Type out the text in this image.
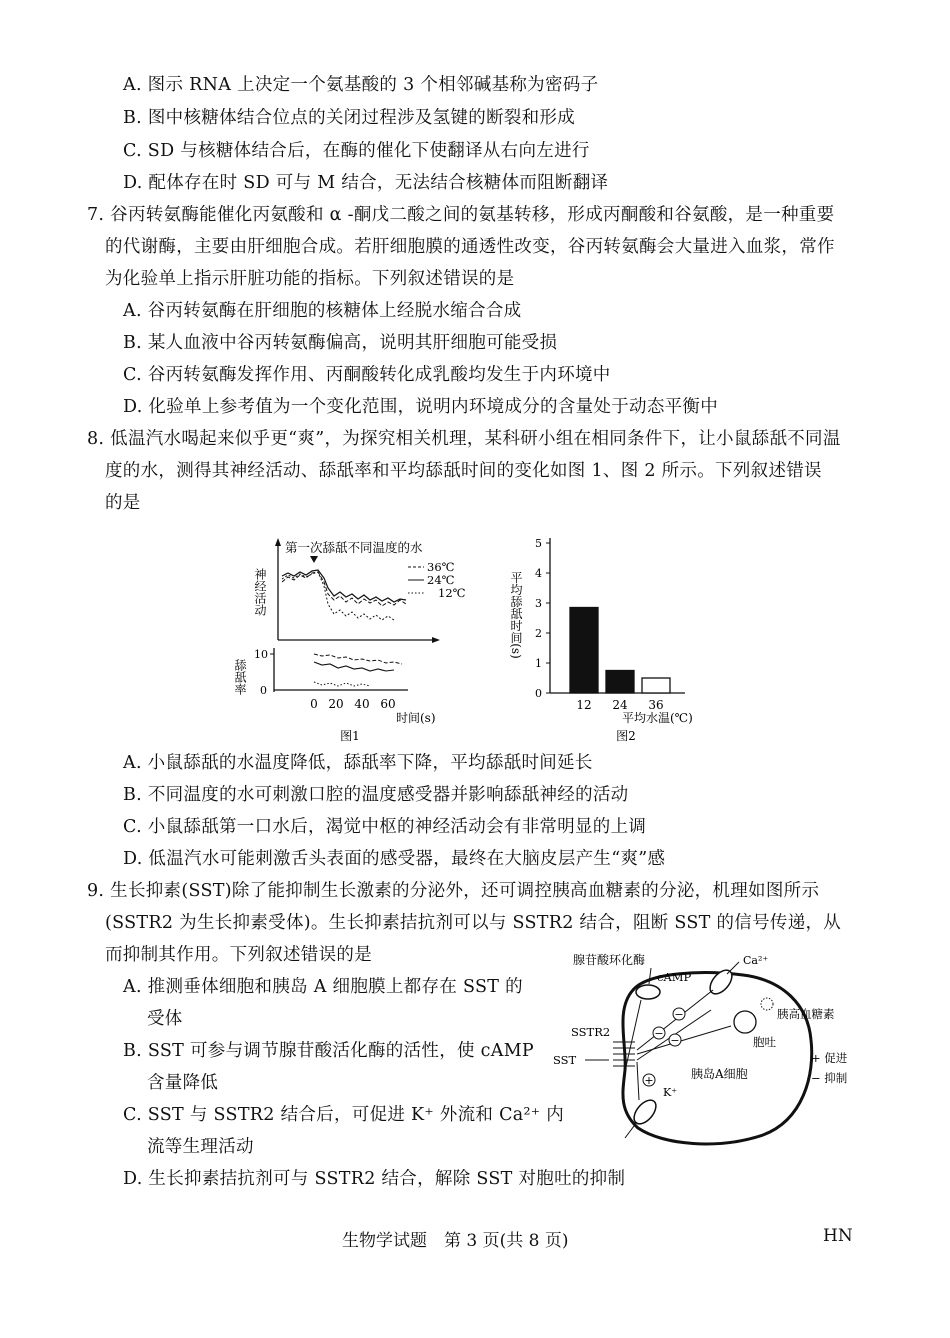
A. 图示 RNA 上决定一个氨基酸的 3 个相邻碱基称为密码子
B. 图中核糖体结合位点的关闭过程涉及氢键的断裂和形成
C. SD 与核糖体结合后，在酶的催化下使翻译从右向左进行
D. 配体存在时 SD 可与 M 结合，无法结合核糖体而阻断翻译
7. 谷丙转氨酶能催化丙氨酸和 α -酮戊二酸之间的氨基转移，形成丙酮酸和谷氨酸，是一种重要
的代谢酶，主要由肝细胞合成。若肝细胞膜的通透性改变，谷丙转氨酶会大量进入血浆，常作
为化验单上指示肝脏功能的指标。下列叙述错误的是
A. 谷丙转氨酶在肝细胞的核糖体上经脱水缩合合成
B. 某人血液中谷丙转氨酶偏高，说明其肝细胞可能受损
C. 谷丙转氨酶发挥作用、丙酮酸转化成乳酸均发生于内环境中
D. 化验单上参考值为一个变化范围，说明内环境成分的含量处于动态平衡中
8. 低温汽水喝起来似乎更“爽”，为探究相关机理，某科研小组在相同条件下，让小鼠舔舐不同温
度的水，测得其神经活动、舔舐率和平均舔舐时间的变化如图 1、图 2 所示。下列叙述错误
的是
神经活动
第一次舔舐不同温度的水
36℃
24℃
12℃
舔舐率
10
0
0 20 40 60
时间(s)
图1
平均舔舐时间(s)
0
1
2
3
4
5
12 24 36
平均水温(℃)
图2
A. 小鼠舔舐的水温度降低，舔舐率下降，平均舔舐时间延长
B. 不同温度的水可刺激口腔的温度感受器并影响舔舐神经的活动
C. 小鼠舔舐第一口水后，渴觉中枢的神经活动会有非常明显的上调
D. 低温汽水可能刺激舌头表面的感受器，最终在大脑皮层产生“爽”感
9. 生长抑素(SST)除了能抑制生长激素的分泌外，还可调控胰高血糖素的分泌，机理如图所示
(SSTR2 为生长抑素受体)。生长抑素拮抗剂可以与 SSTR2 结合，阻断 SST 的信号传递，从
而抑制其作用。下列叙述错误的是
A. 推测垂体细胞和胰岛 A 细胞膜上都存在 SST 的
受体
B. SST 可参与调节腺苷酸活化酶的活性，使 cAMP
含量降低
C. SST 与 SSTR2 结合后，可促进 K⁺ 外流和 Ca²⁺ 内
流等生理活动
D. 生长抑素拮抗剂可与 SSTR2 结合，解除 SST 对胞吐的抑制
腺苷酸环化酶
cAMP
Ca²⁺
胰高血糖素
胞吐
SSTR2
SST
−
−
−
+
K⁺
胰岛A细胞
+ 促进
− 抑制
生物学试题　第 3 页(共 8 页)	HN
